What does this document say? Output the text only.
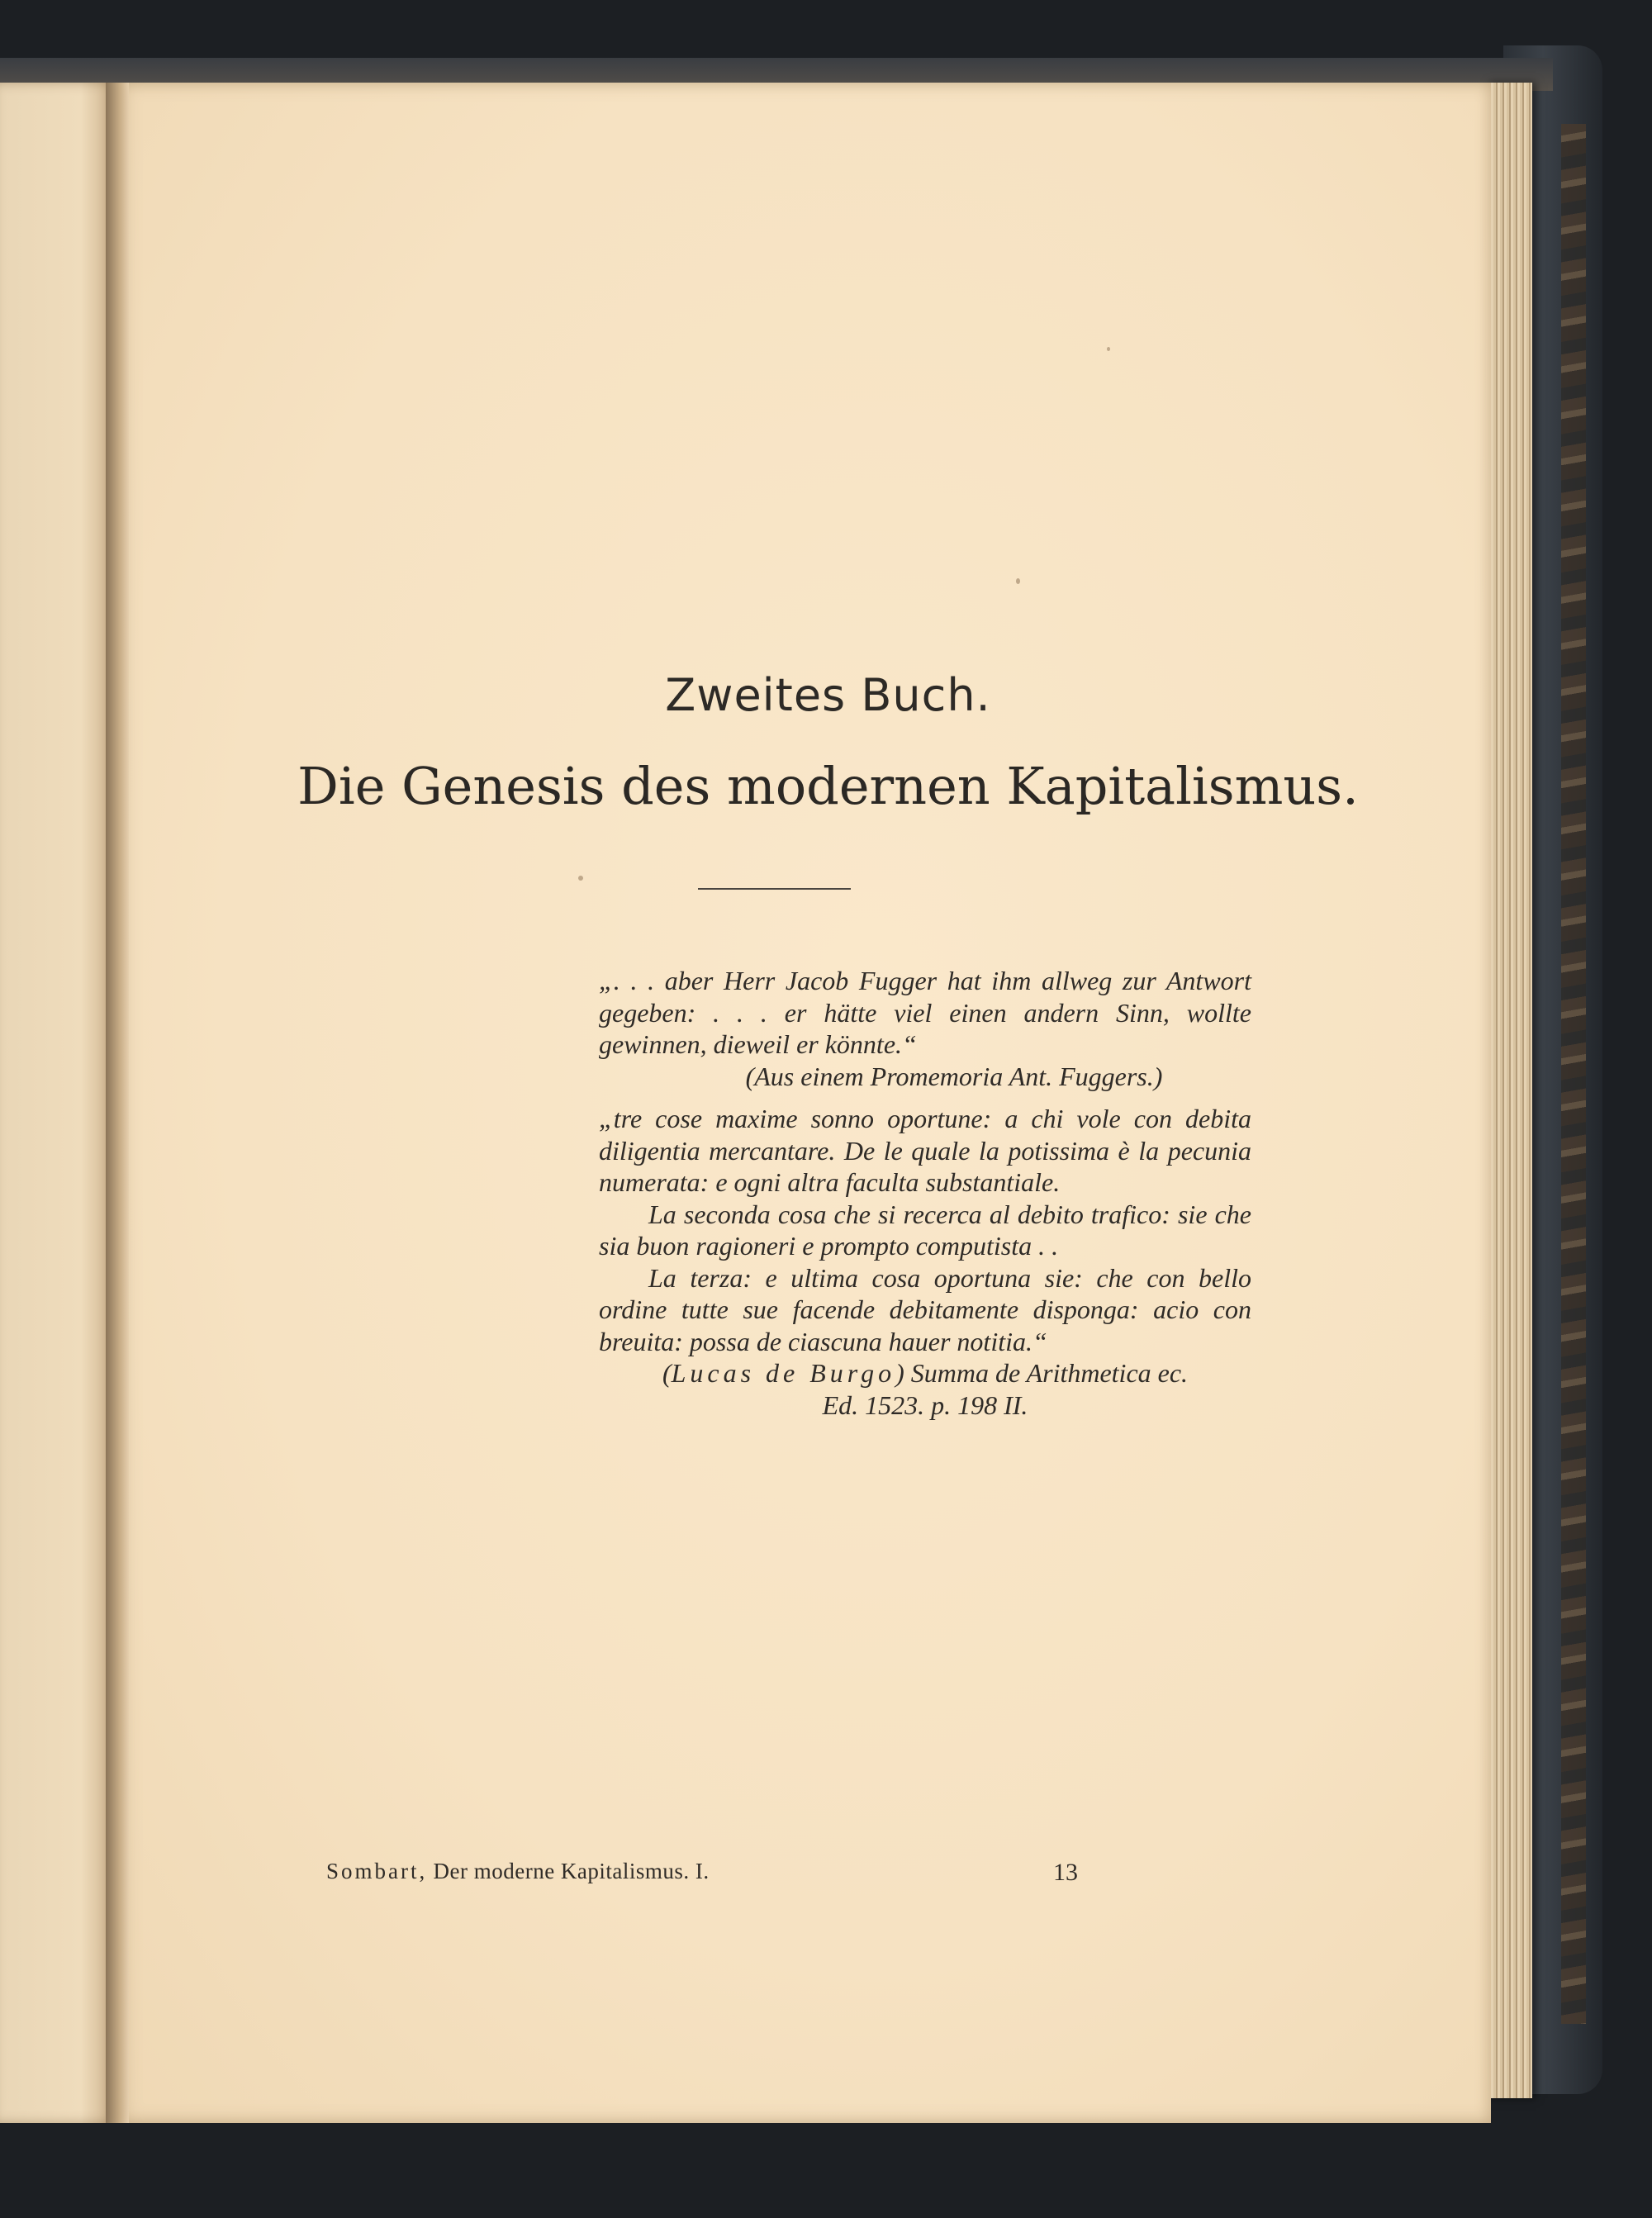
Zweites Buch.
Die Genesis des modernen Kapitalismus.

„. . . aber Herr Jacob Fugger hat ihm allweg zur Antwort gegeben: . . . er hätte viel einen andern Sinn, wollte gewinnen, dieweil er könnte.“

(Aus einem Promemoria Ant. Fuggers.)

„tre cose maxime sonno oportune: a chi vole con debita diligentia mercantare. De le quale la potissima è la pecunia numerata: e ogni altra faculta substantiale.

La seconda cosa che si recerca al debito trafico: sie che sia buon ragioneri e prompto computista . .

La terza: e ultima cosa oportuna sie: che con bello ordine tutte sue facende debitamente disponga: acio con breuita: possa de ciascuna hauer notitia.“

(Lucas de Burgo) Summa de Arithmetica ec.

Ed. 1523. p. 198 II.

Sombart, Der moderne Kapitalismus. I.	13
